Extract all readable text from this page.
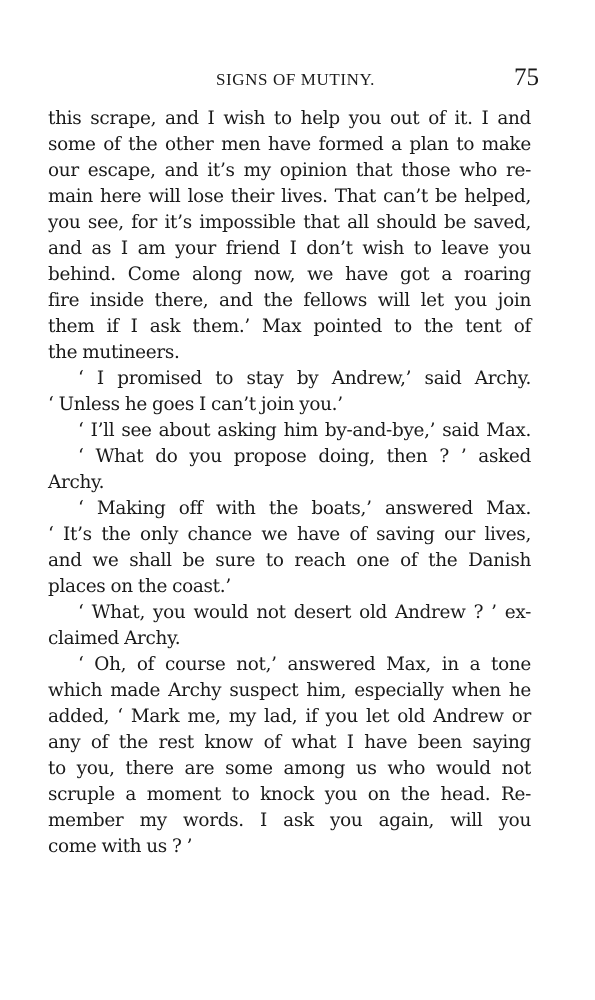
SIGNS OF MUTINY.	75
this scrape, and I wish to help you out of it. I and
some of the other men have formed a plan to make
our escape, and it’s my opinion that those who re-
main here will lose their lives. That can’t be helped,
you see, for it’s impossible that all should be saved,
and as I am your friend I don’t wish to leave you
behind. Come along now, we have got a roaring
fire inside there, and the fellows will let you join
them if I ask them.’ Max pointed to the tent of
the mutineers.
‘ I promised to stay by Andrew,’ said Archy.
‘ Unless he goes I can’t join you.’
‘ I’ll see about asking him by-and-bye,’ said Max.
‘ What do you propose doing, then ? ’ asked
Archy.
‘ Making off with the boats,’ answered Max.
‘ It’s the only chance we have of saving our lives,
and we shall be sure to reach one of the Danish
places on the coast.’
‘ What, you would not desert old Andrew ? ’ ex-
claimed Archy.
‘ Oh, of course not,’ answered Max, in a tone
which made Archy suspect him, especially when he
added, ‘ Mark me, my lad, if you let old Andrew or
any of the rest know of what I have been saying
to you, there are some among us who would not
scruple a moment to knock you on the head. Re-
member my words. I ask you again, will you
come with us ? ’
